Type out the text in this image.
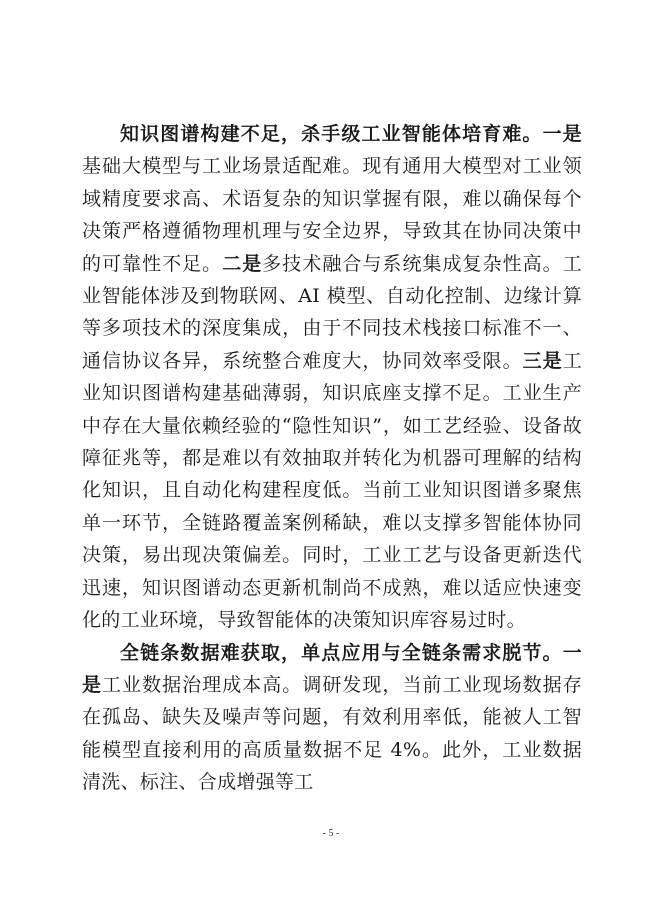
知识图谱构建不足，杀手级工业智能体培育难。一是基础大模型与工业场景适配难。现有通用大模型对工业领域精度要求高、术语复杂的知识掌握有限，难以确保每个决策严格遵循物理机理与安全边界，导致其在协同决策中的可靠性不足。二是多技术融合与系统集成复杂性高。工业智能体涉及到物联网、AI 模型、自动化控制、边缘计算等多项技术的深度集成，由于不同技术栈接口标准不一、通信协议各异，系统整合难度大，协同效率受限。三是工业知识图谱构建基础薄弱，知识底座支撑不足。工业生产中存在大量依赖经验的“隐性知识”，如工艺经验、设备故障征兆等，都是难以有效抽取并转化为机器可理解的结构化知识，且自动化构建程度低。当前工业知识图谱多聚焦单一环节，全链路覆盖案例稀缺，难以支撑多智能体协同决策，易出现决策偏差。同时，工业工艺与设备更新迭代迅速，知识图谱动态更新机制尚不成熟，难以适应快速变化的工业环境，导致智能体的决策知识库容易过时。

全链条数据难获取，单点应用与全链条需求脱节。一是工业数据治理成本高。调研发现，当前工业现场数据存在孤岛、缺失及噪声等问题，有效利用率低，能被人工智能模型直接利用的高质量数据不足 4%。此外，工业数据清洗、标注、合成增强等工

- 5 -
